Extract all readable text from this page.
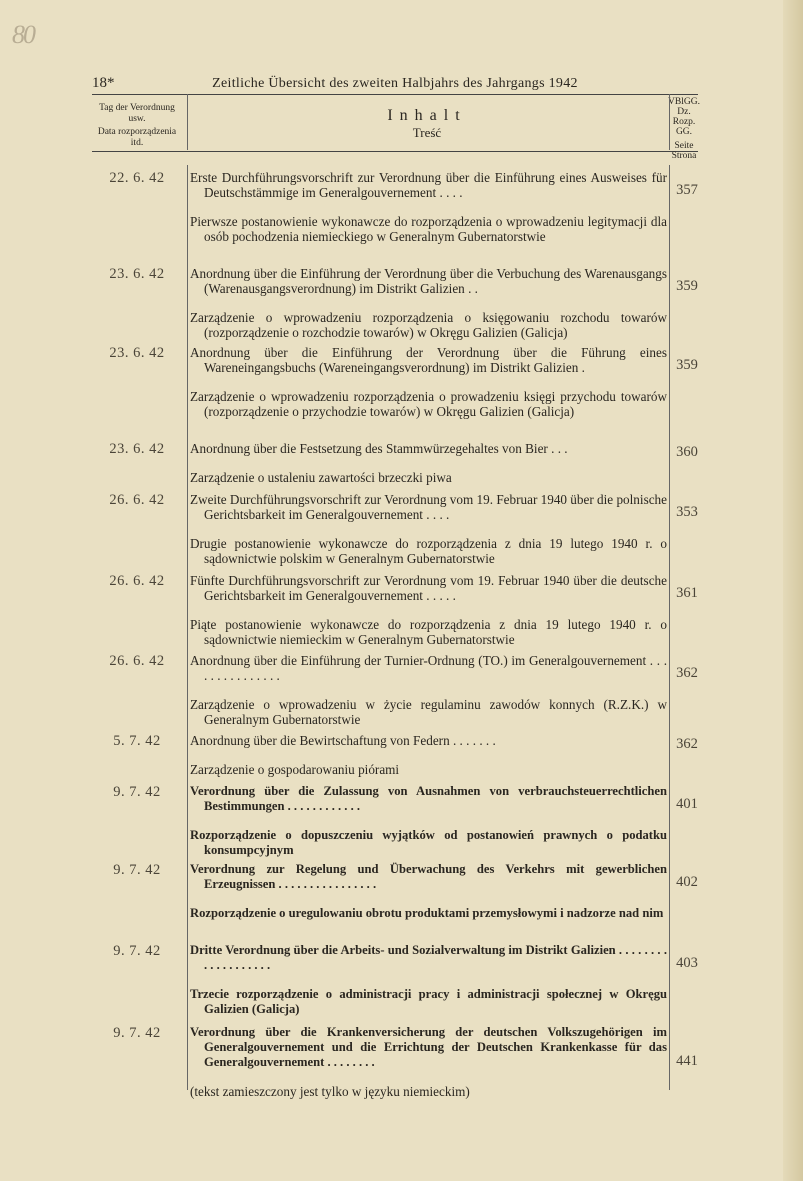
80
18*	Zeitliche Übersicht des zweiten Halbjahrs des Jahrgangs 1942
Tag der Verordnung usw.
Data rozporządzenia itd.
Inhalt
Treść
VBlGG. Dz. Rozp. GG.
Seite Strona
22. 6. 42	Erste Durchführungsvorschrift zur Verordnung über die Einführung eines Ausweises für Deutschstämmige im Generalgouvernement . . . .

Pierwsze postanowienie wykonawcze do rozporządzenia o wprowadzeniu legitymacji dla osób pochodzenia niemieckiego w Generalnym Gubernatorstwie

357
23. 6. 42	Anordnung über die Einführung der Verordnung über die Verbuchung des Warenausgangs (Warenausgangsverordnung) im Distrikt Galizien . .

Zarządzenie o wprowadzeniu rozporządzenia o księgowaniu rozchodu towarów (rozporządzenie o rozchodzie towarów) w Okręgu Galizien (Galicja)

359
23. 6. 42	Anordnung über die Einführung der Verordnung über die Führung eines Wareneingangsbuchs (Wareneingangsverordnung) im Distrikt Galizien .

Zarządzenie o wprowadzeniu rozporządzenia o prowadzeniu księgi przychodu towarów (rozporządzenie o przychodzie towarów) w Okręgu Galizien (Galicja)

359
23. 6. 42	Anordnung über die Festsetzung des Stammwürzegehaltes von Bier . . .

Zarządzenie o ustaleniu zawartości brzeczki piwa

360
26. 6. 42	Zweite Durchführungsvorschrift zur Verordnung vom 19. Februar 1940 über die polnische Gerichtsbarkeit im Generalgouvernement . . . .

Drugie postanowienie wykonawcze do rozporządzenia z dnia 19 lutego 1940 r. o sądownictwie polskim w Generalnym Gubernatorstwie

353
26. 6. 42	Fünfte Durchführungsvorschrift zur Verordnung vom 19. Februar 1940 über die deutsche Gerichtsbarkeit im Generalgouvernement . . . . .

Piąte postanowienie wykonawcze do rozporządzenia z dnia 19 lutego 1940 r. o sądownictwie niemieckim w Generalnym Gubernatorstwie

361
26. 6. 42	Anordnung über die Einführung der Turnier-Ordnung (TO.) im Generalgouvernement . . . . . . . . . . . . . . .

Zarządzenie o wprowadzeniu w życie regulaminu zawodów konnych (R.Z.K.) w Generalnym Gubernatorstwie

362
5. 7. 42	Anordnung über die Bewirtschaftung von Federn . . . . . . .

Zarządzenie o gospodarowaniu piórami

362
9. 7. 42	Verordnung über die Zulassung von Ausnahmen von verbrauchsteuerrechtlichen Bestimmungen . . . . . . . . . . . .

Rozporządzenie o dopuszczeniu wyjątków od postanowień prawnych o podatku konsumpcyjnym

401
9. 7. 42	Verordnung zur Regelung und Überwachung des Verkehrs mit gewerblichen Erzeugnissen . . . . . . . . . . . . . . . .

Rozporządzenie o uregulowaniu obrotu produktami przemysłowymi i nadzorze nad nim

402
9. 7. 42	Dritte Verordnung über die Arbeits- und Sozialverwaltung im Distrikt Galizien . . . . . . . . . . . . . . . . . . .

Trzecie rozporządzenie o administracji pracy i administracji społecznej w Okręgu Galizien (Galicja)

403
9. 7. 42	Verordnung über die Krankenversicherung der deutschen Volkszugehörigen im Generalgouvernement und die Errichtung der Deutschen Krankenkasse für das Generalgouvernement . . . . . . . .

(tekst zamieszczony jest tylko w języku niemieckim)

441
